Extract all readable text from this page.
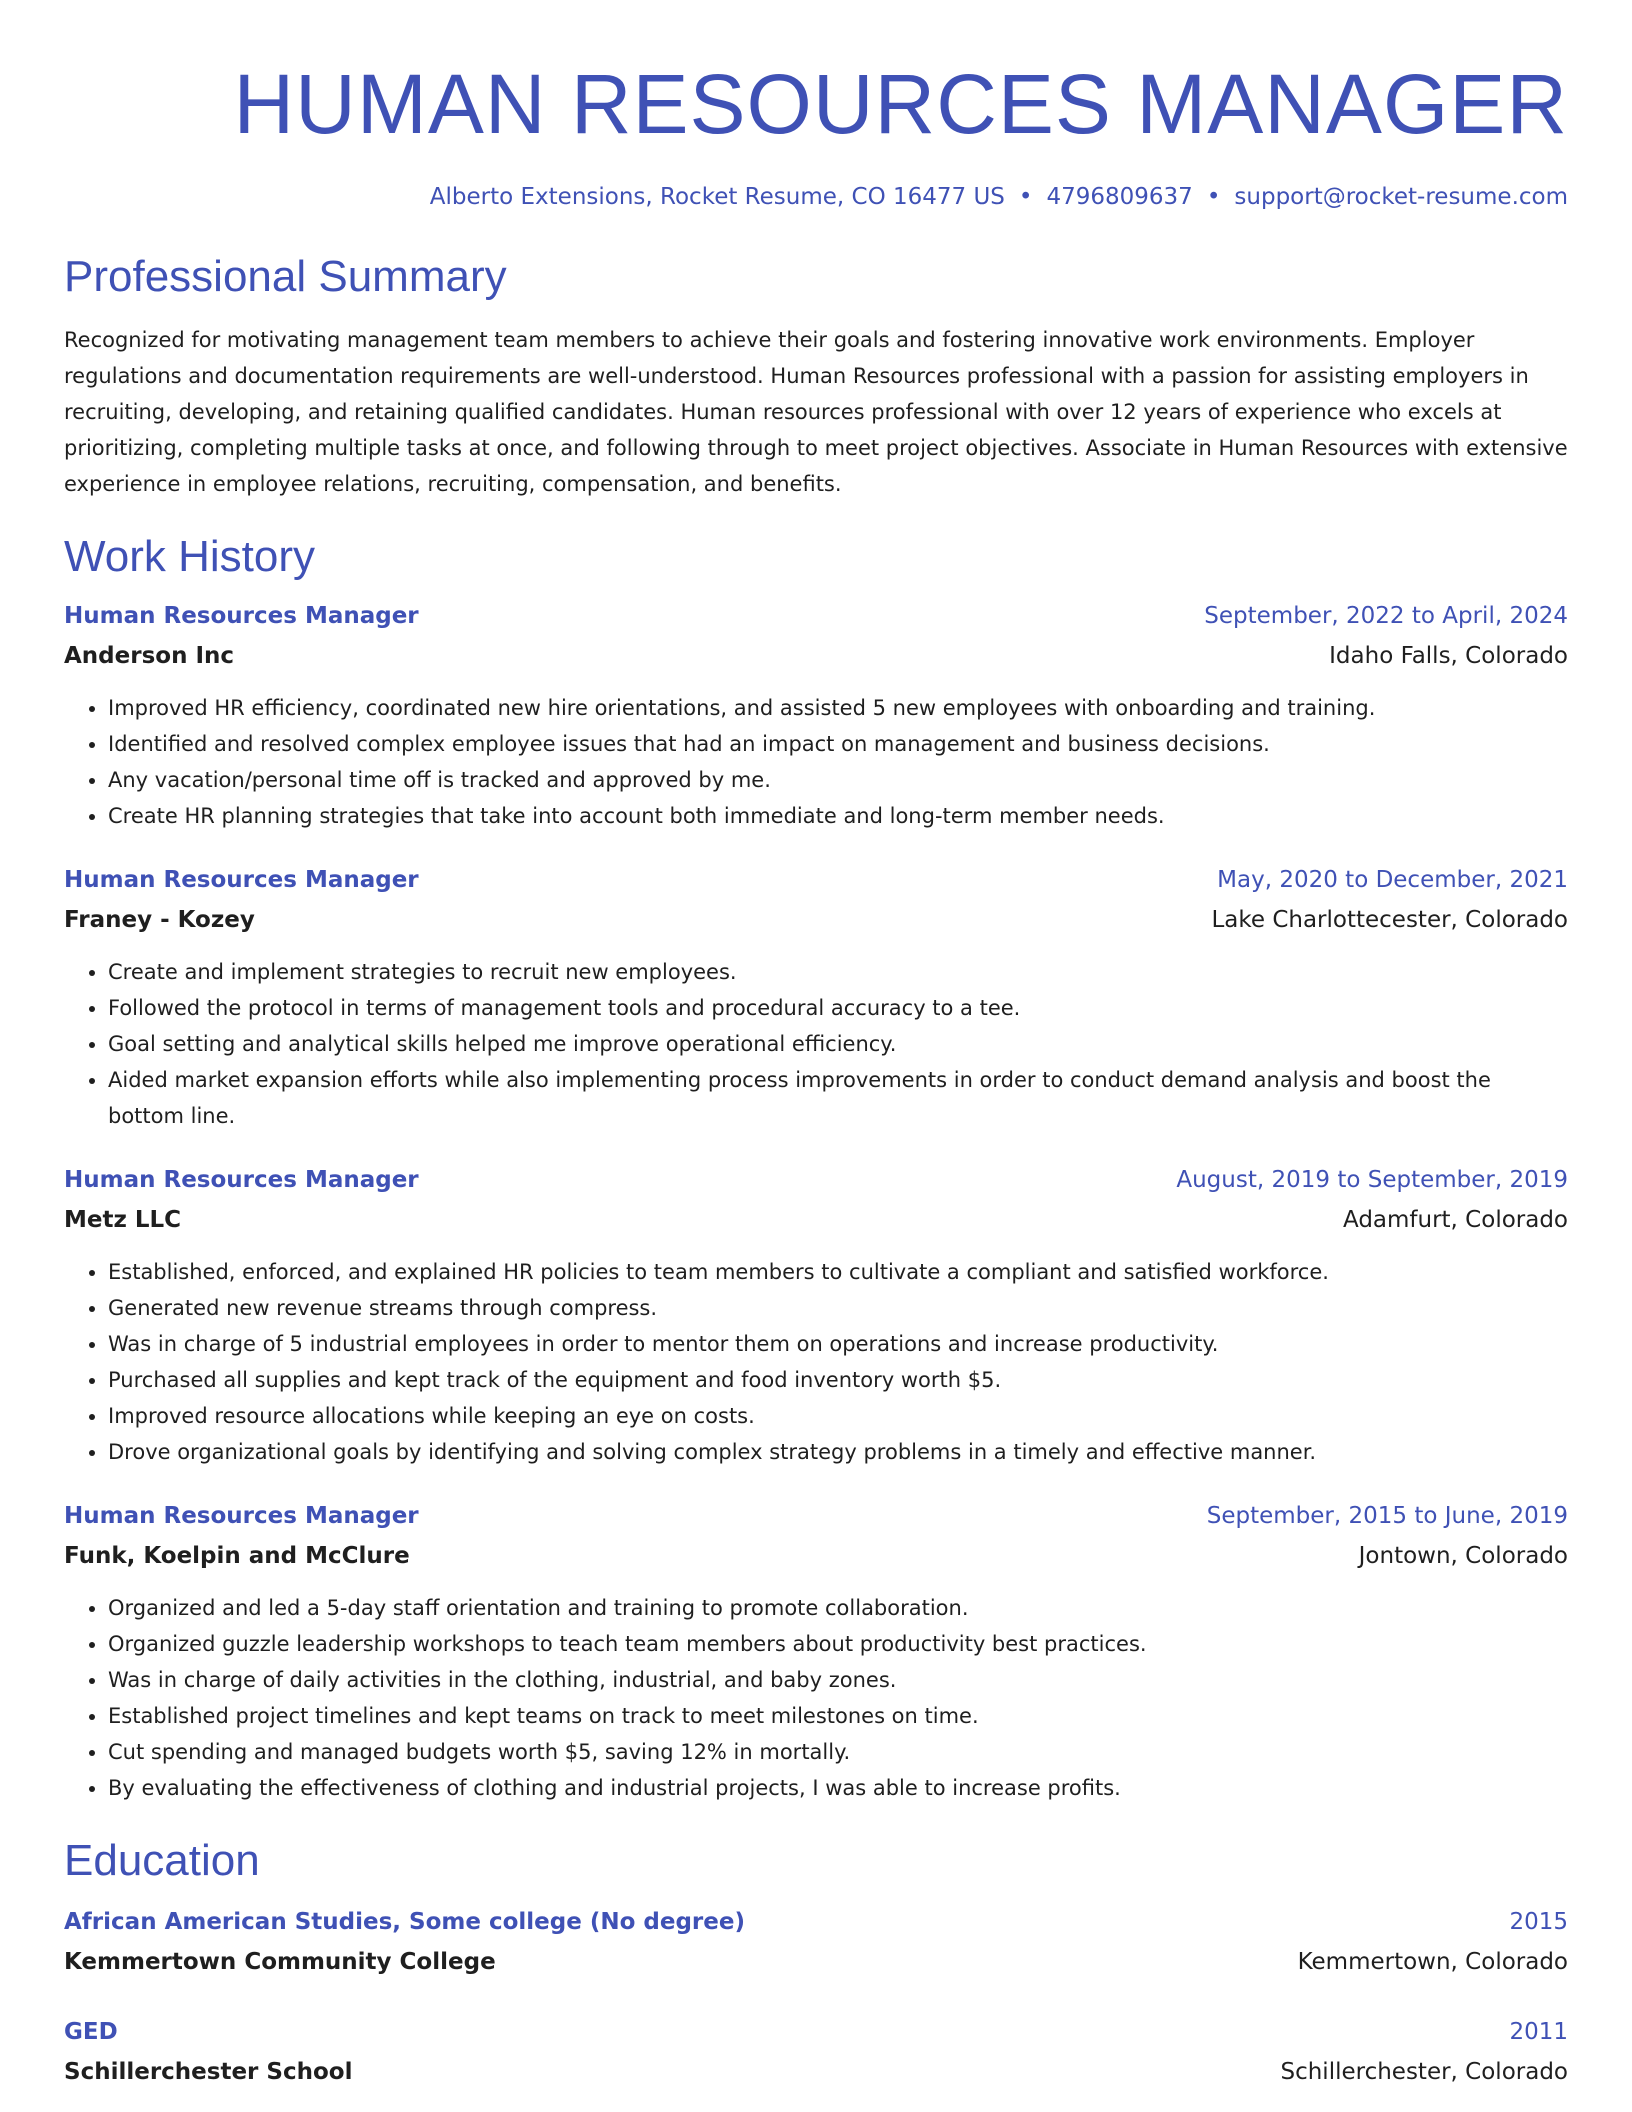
HUMAN RESOURCES MANAGER
Alberto Extensions, Rocket Resume, CO 16477 US • 4796809637 • support@rocket-resume.com
Professional Summary
Recognized for motivating management team members to achieve their goals and fostering innovative work environments. Employer regulations and documentation requirements are well-understood. Human Resources professional with a passion for assisting employers in recruiting, developing, and retaining qualified candidates. Human resources professional with over 12 years of experience who excels at prioritizing, completing multiple tasks at once, and following through to meet project objectives. Associate in Human Resources with extensive experience in employee relations, recruiting, compensation, and benefits.
Work History
Human Resources Manager	September, 2022 to April, 2024
Anderson Inc	Idaho Falls, Colorado
• Improved HR efficiency, coordinated new hire orientations, and assisted 5 new employees with onboarding and training.
• Identified and resolved complex employee issues that had an impact on management and business decisions.
• Any vacation/personal time off is tracked and approved by me.
• Create HR planning strategies that take into account both immediate and long-term member needs.
Human Resources Manager	May, 2020 to December, 2021
Franey - Kozey	Lake Charlottecester, Colorado
• Create and implement strategies to recruit new employees.
• Followed the protocol in terms of management tools and procedural accuracy to a tee.
• Goal setting and analytical skills helped me improve operational efficiency.
• Aided market expansion efforts while also implementing process improvements in order to conduct demand analysis and boost the bottom line.
Human Resources Manager	August, 2019 to September, 2019
Metz LLC	Adamfurt, Colorado
• Established, enforced, and explained HR policies to team members to cultivate a compliant and satisfied workforce.
• Generated new revenue streams through compress.
• Was in charge of 5 industrial employees in order to mentor them on operations and increase productivity.
• Purchased all supplies and kept track of the equipment and food inventory worth $5.
• Improved resource allocations while keeping an eye on costs.
• Drove organizational goals by identifying and solving complex strategy problems in a timely and effective manner.
Human Resources Manager	September, 2015 to June, 2019
Funk, Koelpin and McClure	Jontown, Colorado
• Organized and led a 5-day staff orientation and training to promote collaboration.
• Organized guzzle leadership workshops to teach team members about productivity best practices.
• Was in charge of daily activities in the clothing, industrial, and baby zones.
• Established project timelines and kept teams on track to meet milestones on time.
• Cut spending and managed budgets worth $5, saving 12% in mortally.
• By evaluating the effectiveness of clothing and industrial projects, I was able to increase profits.
Education
African American Studies, Some college (No degree)	2015
Kemmertown Community College	Kemmertown, Colorado
GED	2011
Schillerchester School	Schillerchester, Colorado
